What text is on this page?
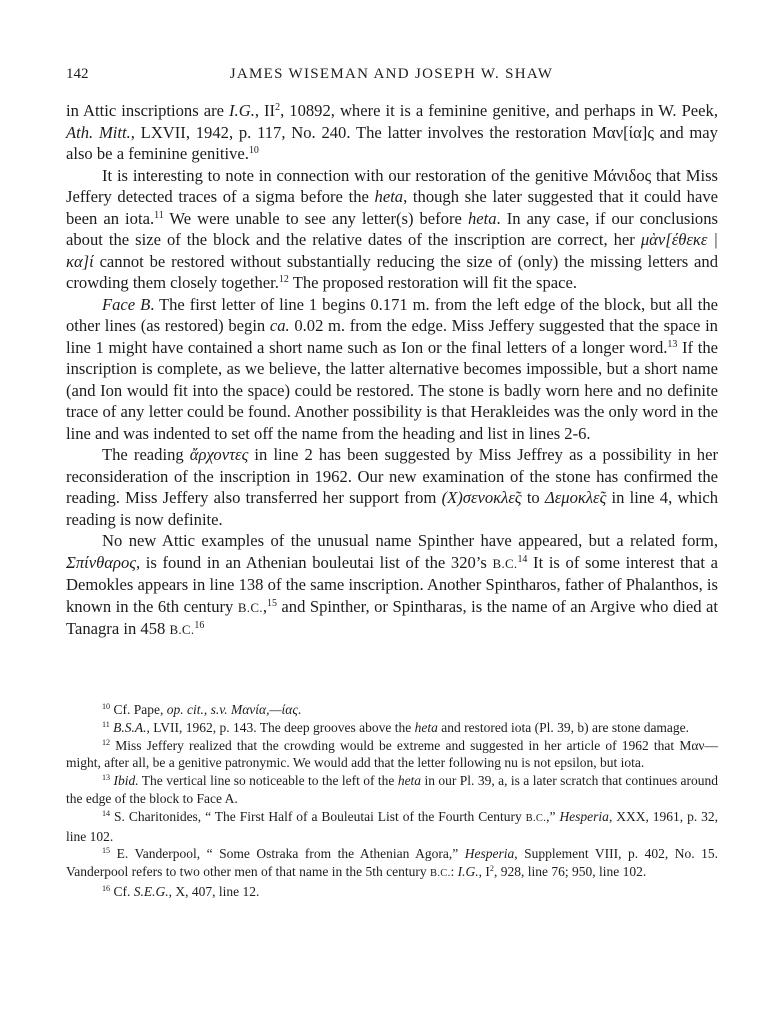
142	JAMES WISEMAN AND JOSEPH W. SHAW

in Attic inscriptions are I.G., $II^2$, 10892, where it is a feminine genitive, and perhaps in W. Peek, Ath. Mitt., LXVII, 1942, p. 117, No. 240. The latter involves the restoration Μαν[ία]ς and may also be a feminine genitive.$^{10}$

It is interesting to note in connection with our restoration of the genitive Μάνιδος that Miss Jeffery detected traces of a sigma before the heta, though she later suggested that it could have been an iota.$^{11}$ We were unable to see any letter(s) before heta. In any case, if our conclusions about the size of the block and the relative dates of the inscription are correct, her μὰν[έθεκε | κα]ί cannot be restored without substantially reducing the size of (only) the missing letters and crowding them closely together.$^{12}$ The proposed restoration will fit the space.

Face B. The first letter of line 1 begins 0.171 m. from the left edge of the block, but all the other lines (as restored) begin ca. 0.02 m. from the edge. Miss Jeffery suggested that the space in line 1 might have contained a short name such as Ion or the final letters of a longer word.$^{13}$ If the inscription is complete, as we believe, the latter alternative becomes impossible, but a short name (and Ion would fit into the space) could be restored. The stone is badly worn here and no definite trace of any letter could be found. Another possibility is that Herakleides was the only word in the line and was indented to set off the name from the heading and list in lines 2-6.

The reading ἄρχοντες in line 2 has been suggested by Miss Jeffrey as a possibility in her reconsideration of the inscription in 1962. Our new examination of the stone has confirmed the reading. Miss Jeffery also transferred her support from (Χ)σενοκλε̃ς to Δεμοκλε̃ς in line 4, which reading is now definite.

No new Attic examples of the unusual name Spinther have appeared, but a related form, Σπίνθαρος, is found in an Athenian bouleutai list of the 320’s B.C.$^{14}$ It is of some interest that a Demokles appears in line 138 of the same inscription. Another Spintharos, father of Phalanthos, is known in the 6th century B.C.,$^{15}$ and Spinther, or Spintharas, is the name of an Argive who died at Tanagra in 458 B.C.$^{16}$

$^{10}$ Cf. Pape, op. cit., s.v. Μανία,—ίας.

$^{11}$ B.S.A., LVII, 1962, p. 143. The deep grooves above the heta and restored iota (Pl. 39, b) are stone damage.

$^{12}$ Miss Jeffery realized that the crowding would be extreme and suggested in her article of 1962 that Μαν— might, after all, be a genitive patronymic. We would add that the letter following nu is not epsilon, but iota.

$^{13}$ Ibid. The vertical line so noticeable to the left of the heta in our Pl. 39, a, is a later scratch that continues around the edge of the block to Face A.

$^{14}$ S. Charitonides, “ The First Half of a Bouleutai List of the Fourth Century B.C.,” Hesperia, XXX, 1961, p. 32, line 102.

$^{15}$ E. Vanderpool, “ Some Ostraka from the Athenian Agora,” Hesperia, Supplement VIII, p. 402, No. 15. Vanderpool refers to two other men of that name in the 5th century B.C.: I.G., $I^2$, 928, line 76; 950, line 102.

$^{16}$ Cf. S.E.G., X, 407, line 12.
